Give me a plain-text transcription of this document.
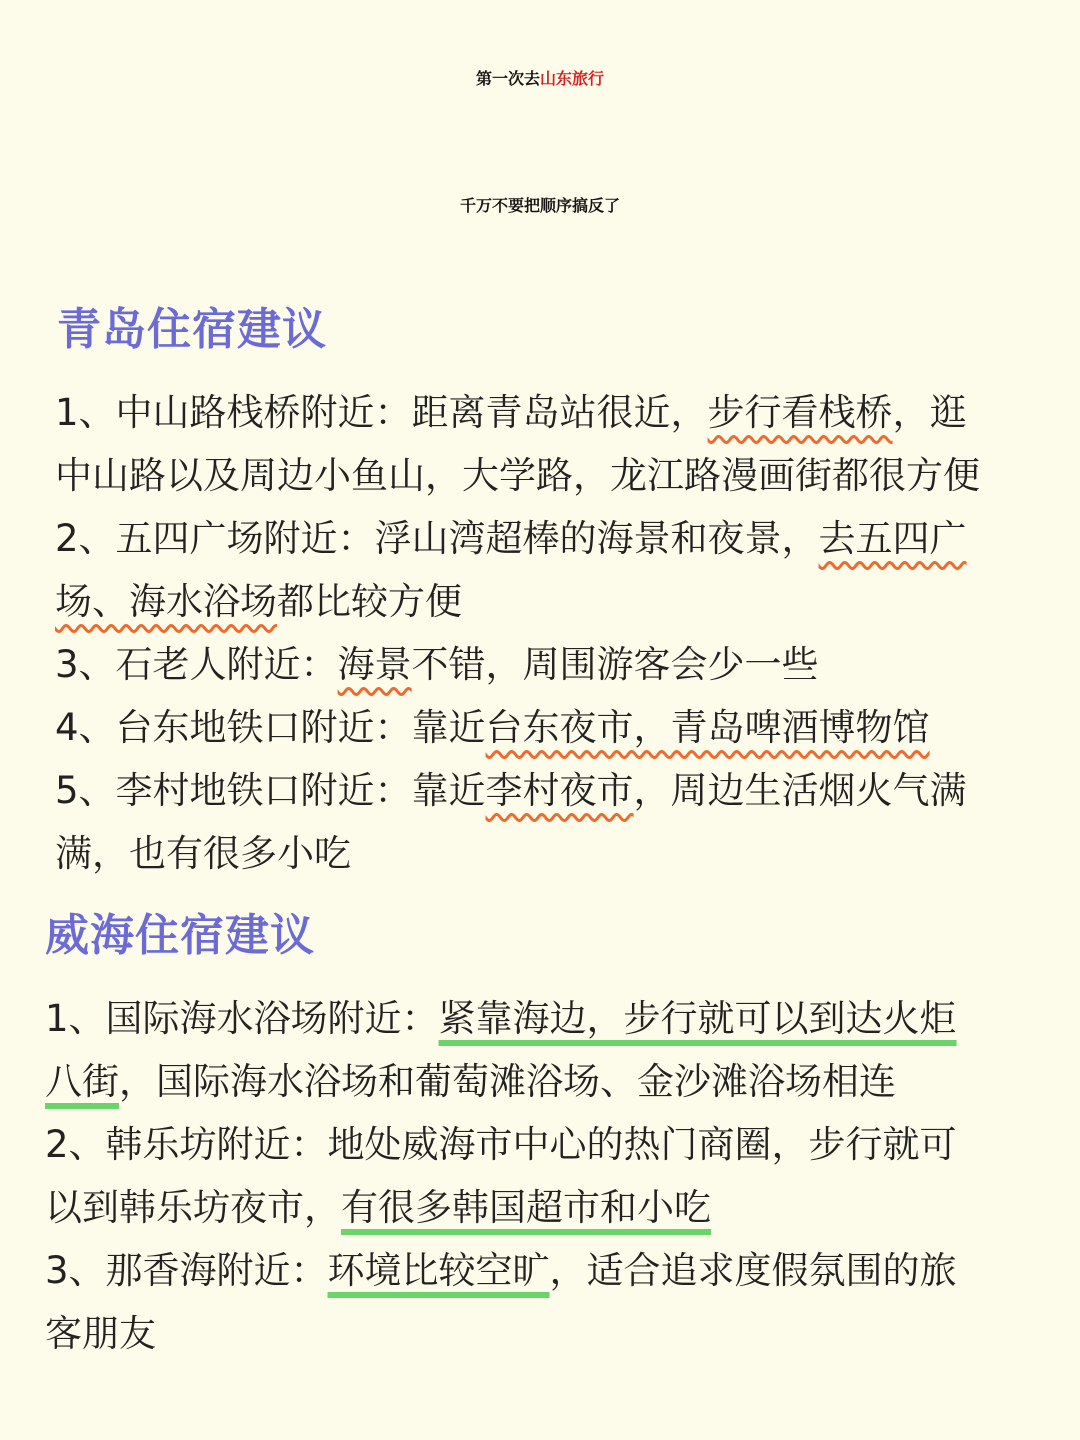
第一次去山东旅行
千万不要把顺序搞反了
青岛住宿建议
1、中山路栈桥附近：距离青岛站很近，步行看栈桥，逛
中山路以及周边小鱼山，大学路，龙江路漫画街都很方便
2、五四广场附近：浮山湾超棒的海景和夜景，去五四广
场、海水浴场都比较方便
3、石老人附近：海景不错，周围游客会少一些
4、台东地铁口附近：靠近台东夜市，青岛啤酒博物馆
5、李村地铁口附近：靠近李村夜市，周边生活烟火气满
满，也有很多小吃
威海住宿建议
1、国际海水浴场附近：紧靠海边，步行就可以到达火炬
八街，国际海水浴场和葡萄滩浴场、金沙滩浴场相连
2、韩乐坊附近：地处威海市中心的热门商圈，步行就可
以到韩乐坊夜市，有很多韩国超市和小吃
3、那香海附近：环境比较空旷，适合追求度假氛围的旅
客朋友
